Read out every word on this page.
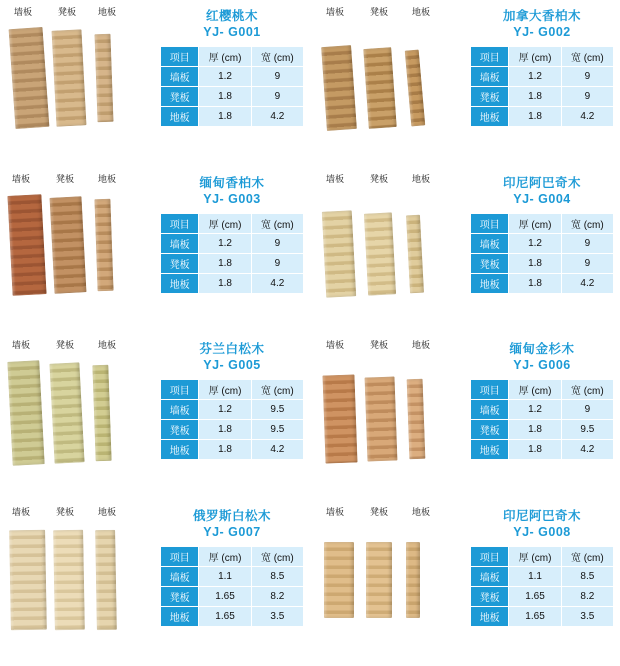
墙板	凳板 地板	红樱桃木
YJ- G001
项目	厚 (cm)	宽 (cm)
墙板	1.2	9
凳板	1.8	9
地板	1.8	4.2
墙板	凳板	地板	加拿大香柏木
YJ- G002
项目	厚 (cm)	宽 (cm)
墙板	1.2	9
凳板	1.8	9
地板	1.8	4.2
墙板	凳板	地板	缅甸香柏木
YJ- G003
项目	厚 (cm)	宽 (cm)
墙板	1.2	9
凳板	1.8	9
地板	1.8	4.2
墙板	凳板	地板	印尼阿巴奇木
YJ- G004
项目	厚 (cm)	宽 (cm)
墙板	1.2	9
凳板	1.8	9
地板	1.8	4.2
墙板	凳板	地板	芬兰白松木
YJ- G005
项目	厚 (cm)	宽 (cm)
墙板	1.2	9.5
凳板	1.8	9.5
地板	1.8	4.2
墙板	凳板	地板	缅甸金杉木
YJ- G006
项目	厚 (cm)	宽 (cm)
墙板	1.2	9
凳板	1.8	9.5
地板	1.8	4.2
墙板	凳板	地板	俄罗斯白松木
YJ- G007
项目	厚 (cm)	宽 (cm)
墙板	1.1	8.5
凳板	1.65	8.2
地板	1.65	3.5
墙板	凳板	地板	印尼阿巴奇木
YJ- G008
项目	厚 (cm)	宽 (cm)
墙板	1.1	8.5
凳板	1.65	8.2
地板	1.65	3.5
